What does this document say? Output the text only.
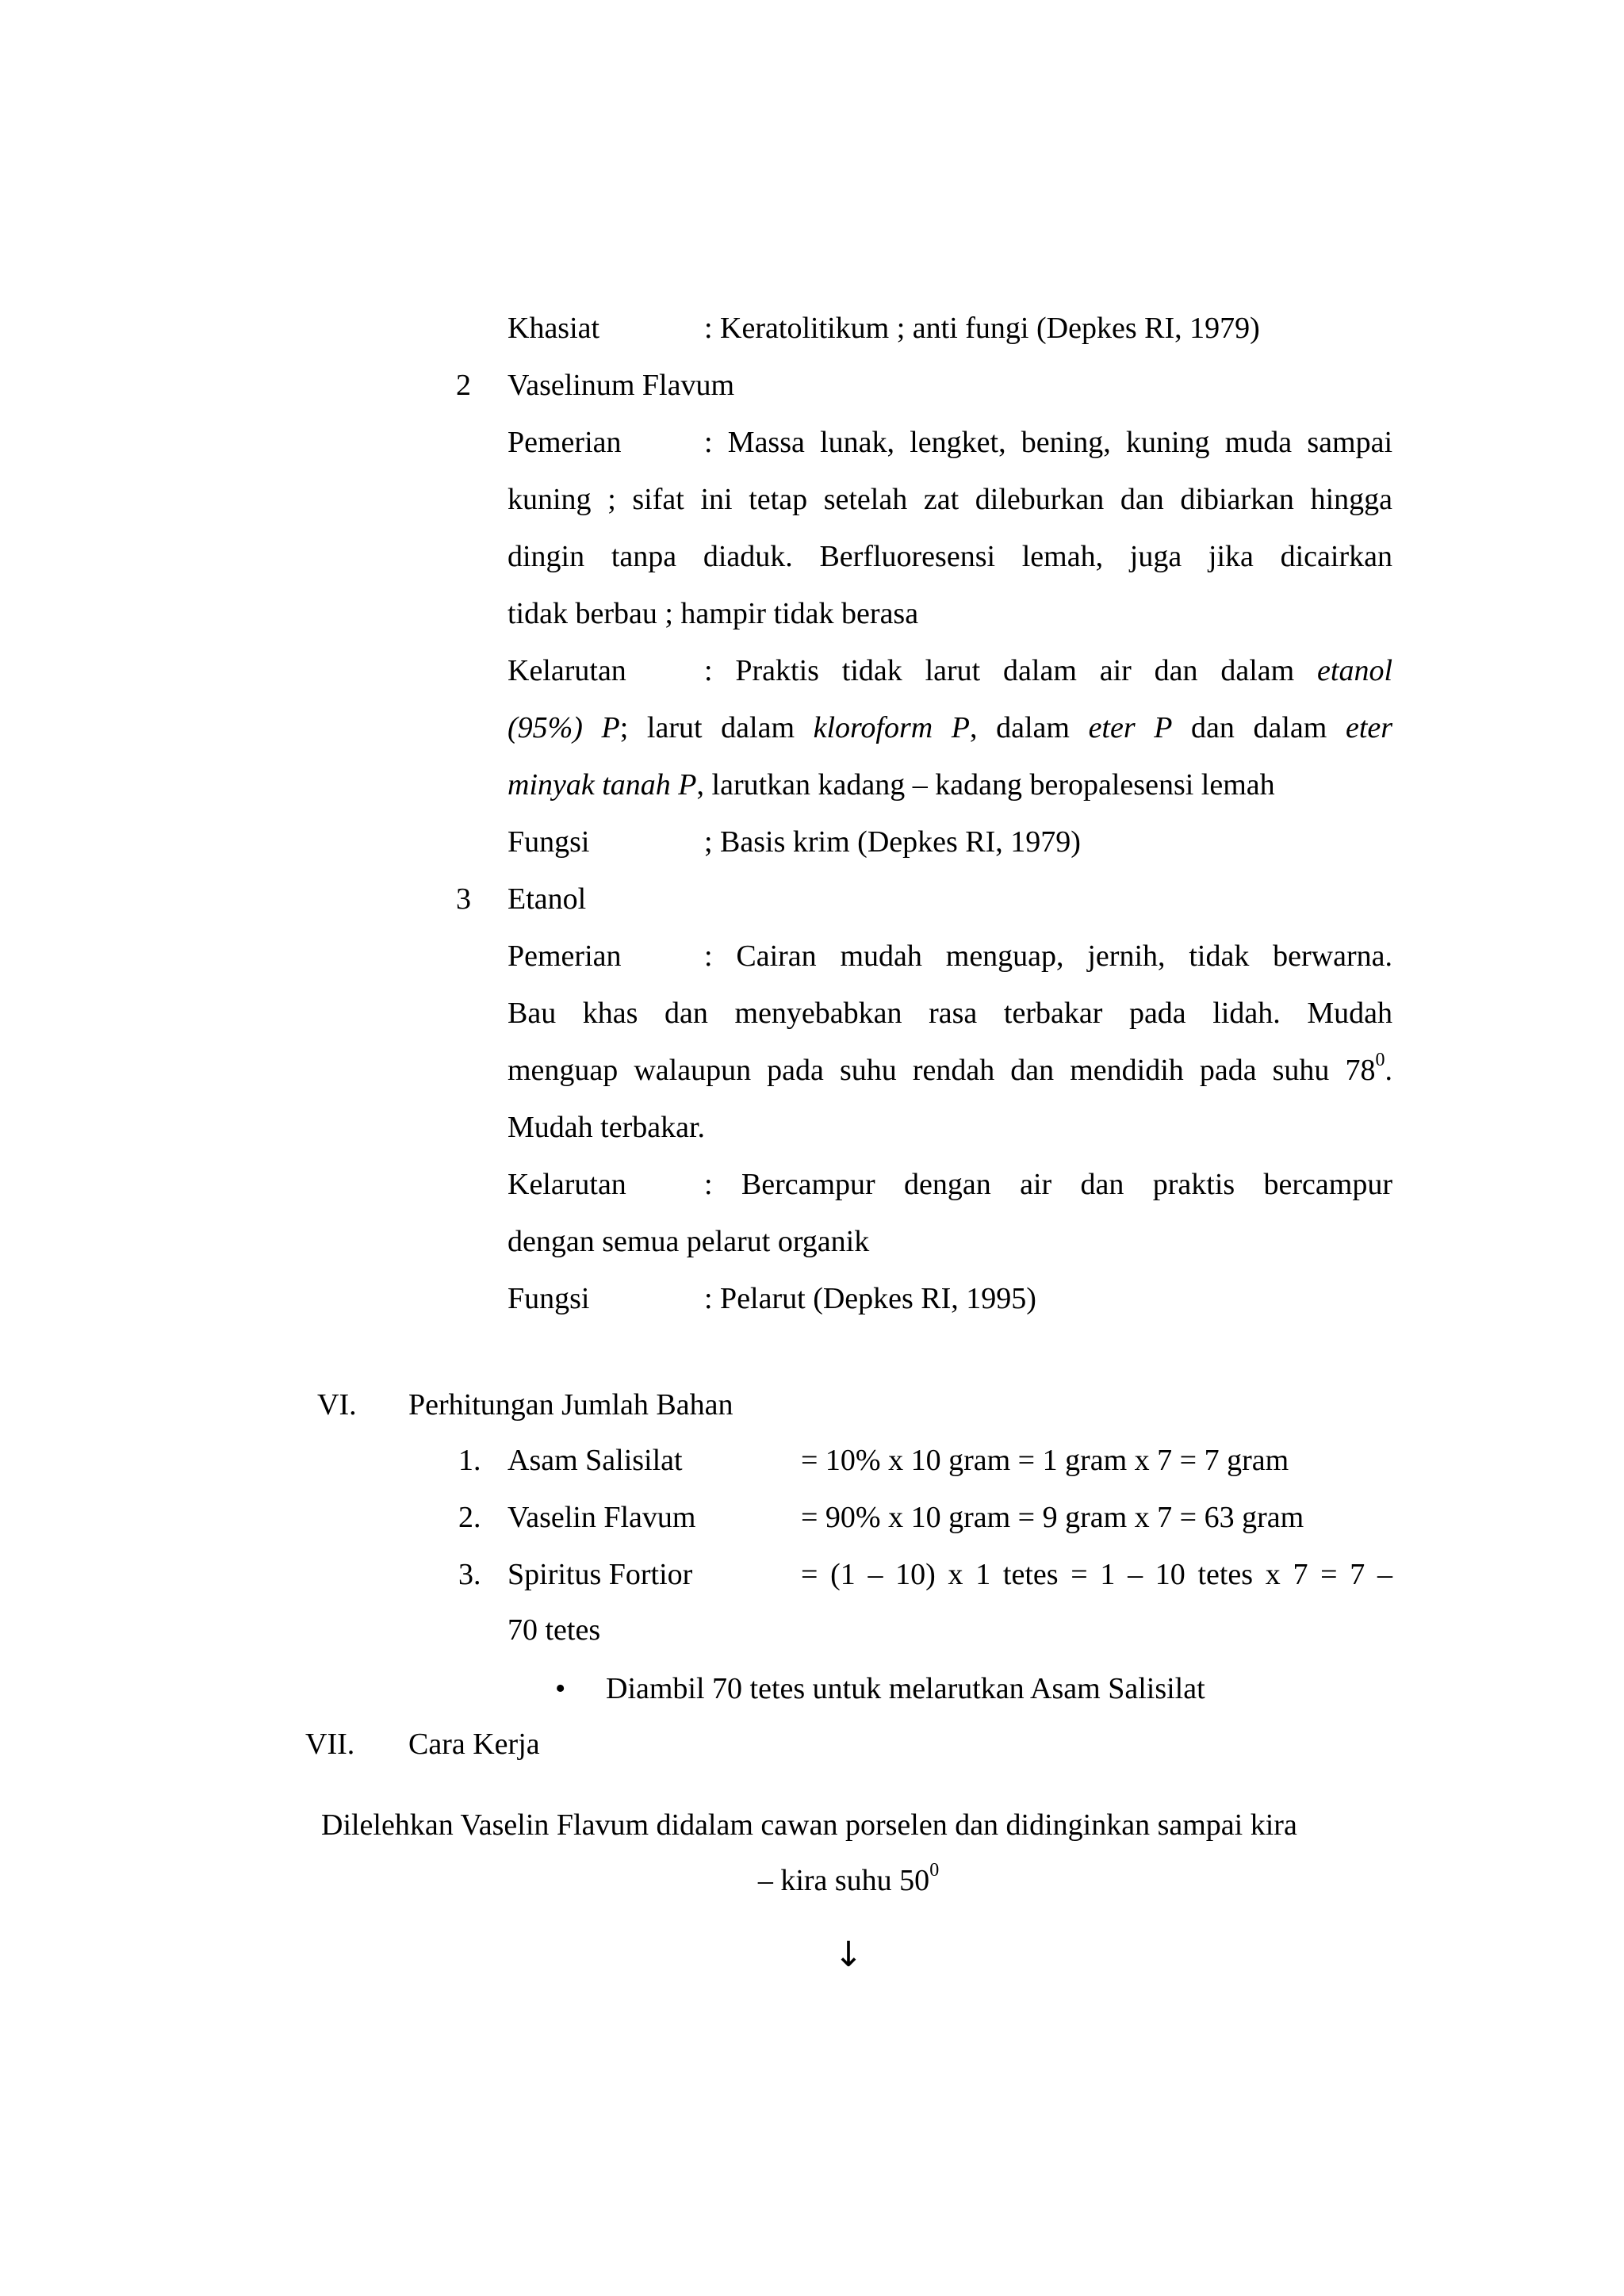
Khasiat	: Keratolitikum ; anti fungi (Depkes RI, 1979)
2 Vaselinum Flavum
Pemerian	: Massa lunak, lengket, bening, kuning muda sampai
kuning ; sifat ini tetap setelah zat dileburkan dan dibiarkan hingga
dingin tanpa diaduk. Berfluoresensi lemah, juga jika dicairkan
tidak berbau ; hampir tidak berasa
Kelarutan	: Praktis tidak larut dalam air dan dalam etanol
(95%) P; larut dalam kloroform P, dalam eter P dan dalam eter
minyak tanah P, larutkan kadang – kadang beropalesensi lemah
Fungsi	; Basis krim (Depkes RI, 1979)
3 Etanol
Pemerian	: Cairan mudah menguap, jernih, tidak berwarna.
Bau khas dan menyebabkan rasa terbakar pada lidah. Mudah
menguap walaupun pada suhu rendah dan mendidih pada suhu $78^0$.
Mudah terbakar.
Kelarutan	: Bercampur dengan air dan praktis bercampur
dengan semua pelarut organik
Fungsi	: Pelarut (Depkes RI, 1995)
VI. Perhitungan Jumlah Bahan
1. Asam Salisilat	= 10% x 10 gram = 1 gram x 7 = 7 gram
2. Vaselin Flavum	= 90% x 10 gram = 9 gram x 7 = 63 gram
3. Spiritus Fortior	= (1 – 10) x 1 tetes = 1 – 10 tetes x 7 = 7 –
70 tetes
• Diambil 70 tetes untuk melarutkan Asam Salisilat
VII. Cara Kerja
Dilelehkan Vaselin Flavum didalam cawan porselen dan didinginkan sampai kira
– kira suhu $50^0$
↓
